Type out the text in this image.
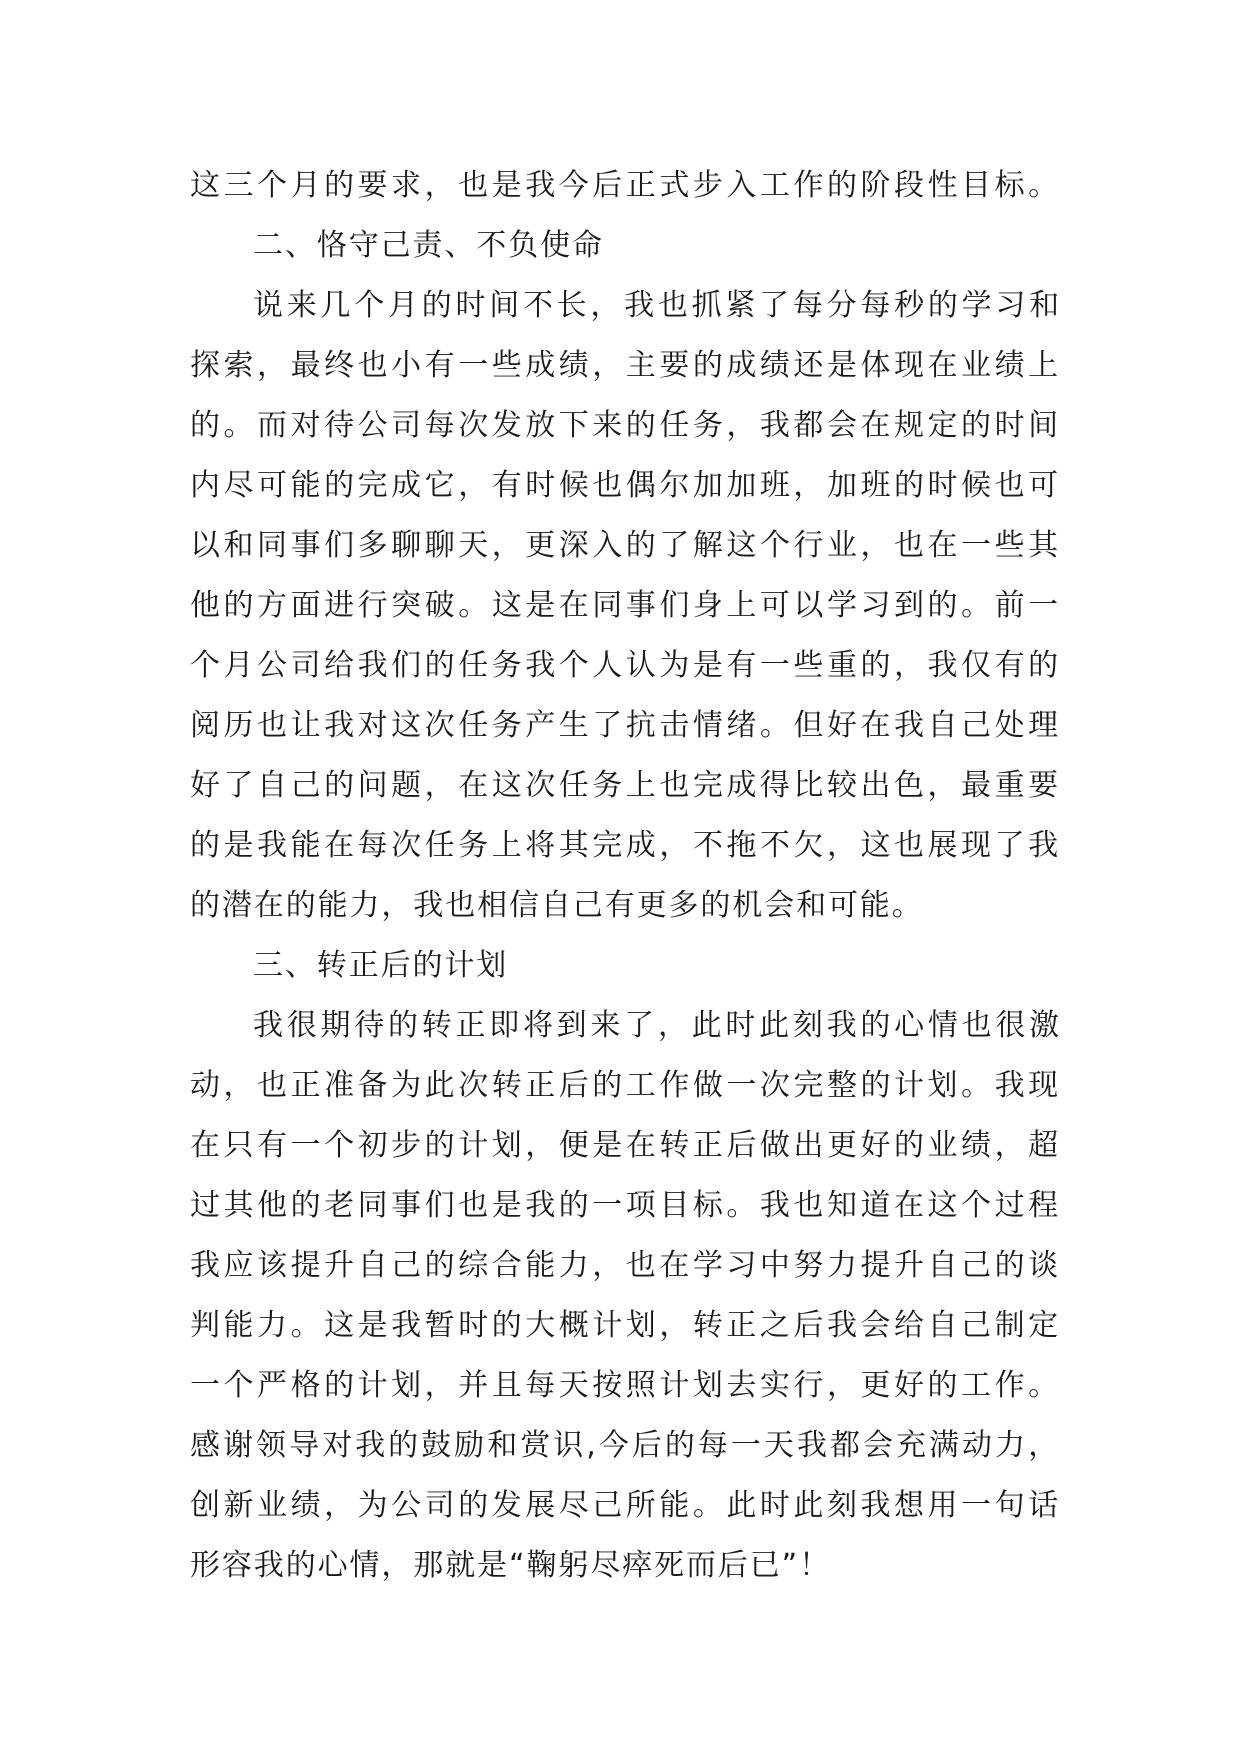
这三个月的要求，也是我今后正式步入工作的阶段性目标。
二、恪守己责、不负使命
说来几个月的时间不长，我也抓紧了每分每秒的学习和
探索，最终也小有一些成绩，主要的成绩还是体现在业绩上
的。而对待公司每次发放下来的任务，我都会在规定的时间
内尽可能的完成它，有时候也偶尔加加班，加班的时候也可
以和同事们多聊聊天，更深入的了解这个行业，也在一些其
他的方面进行突破。这是在同事们身上可以学习到的。前一
个月公司给我们的任务我个人认为是有一些重的，我仅有的
阅历也让我对这次任务产生了抗击情绪。但好在我自己处理
好了自己的问题，在这次任务上也完成得比较出色，最重要
的是我能在每次任务上将其完成，不拖不欠，这也展现了我
的潜在的能力，我也相信自己有更多的机会和可能。
三、转正后的计划
我很期待的转正即将到来了，此时此刻我的心情也很激
动，也正准备为此次转正后的工作做一次完整的计划。我现
在只有一个初步的计划，便是在转正后做出更好的业绩，超
过其他的老同事们也是我的一项目标。我也知道在这个过程
我应该提升自己的综合能力，也在学习中努力提升自己的谈
判能力。这是我暂时的大概计划，转正之后我会给自己制定
一个严格的计划，并且每天按照计划去实行，更好的工作。
感谢领导对我的鼓励和赏识,今后的每一天我都会充满动力，
创新业绩，为公司的发展尽己所能。此时此刻我想用一句话
形容我的心情，那就是“鞠躬尽瘁死而后已”！
